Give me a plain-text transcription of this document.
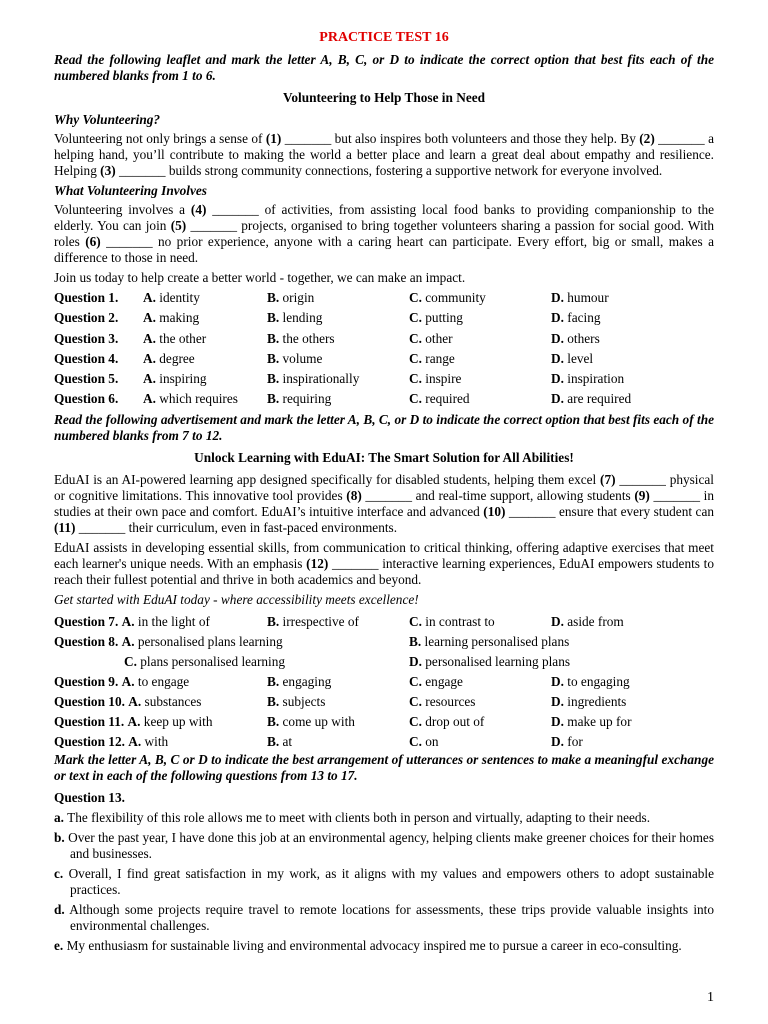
PRACTICE TEST 16
Read the following leaflet and mark the letter A, B, C, or D to indicate the correct option that best fits each of the numbered blanks from 1 to 6.
Volunteering to Help Those in Need
Why Volunteering?
Volunteering not only brings a sense of (1) _______ but also inspires both volunteers and those they help. By (2) _______ a helping hand, you’ll contribute to making the world a better place and learn a great deal about empathy and resilience. Helping (3) _______ builds strong community connections, fostering a supportive network for everyone involved.
What Volunteering Involves
Volunteering involves a (4) _______ of activities, from assisting local food banks to providing companionship to the elderly. You can join (5) _______ projects, organised to bring together volunteers sharing a passion for social good. With roles (6) _______ no prior experience, anyone with a caring heart can participate. Every effort, big or small, makes a difference to those in need.
Join us today to help create a better world - together, we can make an impact.
Question 1.	A. identity	B. origin	C. community	D. humour
Question 2.	A. making	B. lending	C. putting	D. facing
Question 3.	A. the other	B. the others	C. other	D. others
Question 4.	A. degree	B. volume	C. range	D. level
Question 5.	A. inspiring	B. inspirationally	C. inspire	D. inspiration
Question 6.	A. which requires	B. requiring	C. required	D. are required
Read the following advertisement and mark the letter A, B, C, or D to indicate the correct option that best fits each of the numbered blanks from 7 to 12.
Unlock Learning with EduAI: The Smart Solution for All Abilities!
EduAI is an AI-powered learning app designed specifically for disabled students, helping them excel (7) _______ physical or cognitive limitations. This innovative tool provides (8) _______ and real-time support, allowing students (9) _______ in studies at their own pace and comfort. EduAI’s intuitive interface and advanced (10) _______ ensure that every student can (11) _______ their curriculum, even in fast-paced environments.
EduAI assists in developing essential skills, from communication to critical thinking, offering adaptive exercises that meet each learner's unique needs. With an emphasis (12) _______ interactive learning experiences, EduAI empowers students to reach their fullest potential and thrive in both academics and beyond.
Get started with EduAI today - where accessibility meets excellence!
Question 7. A. in the light of	B. irrespective of	C. in contrast to	D. aside from
Question 8. A. personalised plans learning	B. learning personalised plans
C. plans personalised learning	D. personalised learning plans
Question 9. A. to engage	B. engaging	C. engage	D. to engaging
Question 10. A. substances	B. subjects	C. resources	D. ingredients
Question 11. A. keep up with	B. come up with	C. drop out of	D. make up for
Question 12. A. with	B. at	C. on	D. for
Mark the letter A, B, C or D to indicate the best arrangement of utterances or sentences to make a meaningful exchange or text in each of the following questions from 13 to 17.
Question 13.
a. The flexibility of this role allows me to meet with clients both in person and virtually, adapting to their needs.
b. Over the past year, I have done this job at an environmental agency, helping clients make greener choices for their homes and businesses.
c. Overall, I find great satisfaction in my work, as it aligns with my values and empowers others to adopt sustainable practices.
d. Although some projects require travel to remote locations for assessments, these trips provide valuable insights into environmental challenges.
e. My enthusiasm for sustainable living and environmental advocacy inspired me to pursue a career in eco-consulting.
1
